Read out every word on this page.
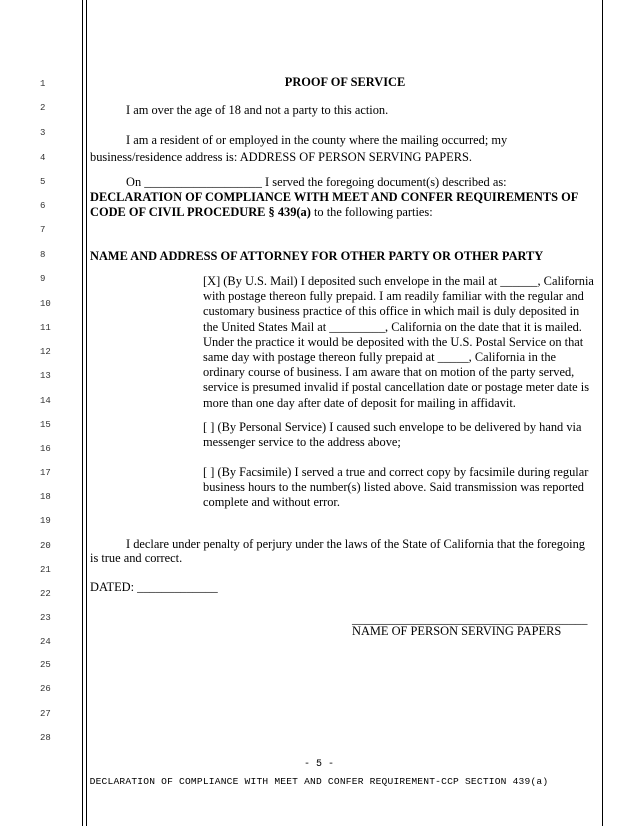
1
2
3
4
5
6
7
8
9
10
11
12
13
14
15
16
17
18
19
20
21
22
23
24
25
26
27
28
PROOF OF SERVICE
I am over the age of 18 and not a party to this action.
I am a resident of or employed in the county where the mailing occurred; my
business/residence address is: ADDRESS OF PERSON SERVING PAPERS.
On ___________________ I served the foregoing document(s) described as:
DECLARATION OF COMPLIANCE WITH MEET AND CONFER REQUIREMENTS OF
CODE OF CIVIL PROCEDURE § 439(a) to the following parties:
NAME AND ADDRESS OF ATTORNEY FOR OTHER PARTY OR OTHER PARTY
[X] (By U.S. Mail) I deposited such envelope in the mail at ______, California
with postage thereon fully prepaid. I am readily familiar with the regular and
customary business practice of this office in which mail is duly deposited in
the United States Mail at _________, California on the date that it is mailed.
Under the practice it would be deposited with the U.S. Postal Service on that
same day with postage thereon fully prepaid at _____, California in the
ordinary course of business. I am aware that on motion of the party served,
service is presumed invalid if postal cancellation date or postage meter date is
more than one day after date of deposit for mailing in affidavit.
[ ] (By Personal Service) I caused such envelope to be delivered by hand via
messenger service to the address above;
[ ] (By Facsimile) I served a true and correct copy by facsimile during regular
business hours to the number(s) listed above. Said transmission was reported
complete and without error.
I declare under penalty of perjury under the laws of the State of California that the foregoing
is true and correct.
DATED: _____________
______________________________________
NAME OF PERSON SERVING PAPERS
- 5 -
DECLARATION OF COMPLIANCE WITH MEET AND CONFER REQUIREMENT-CCP SECTION 439(a)
